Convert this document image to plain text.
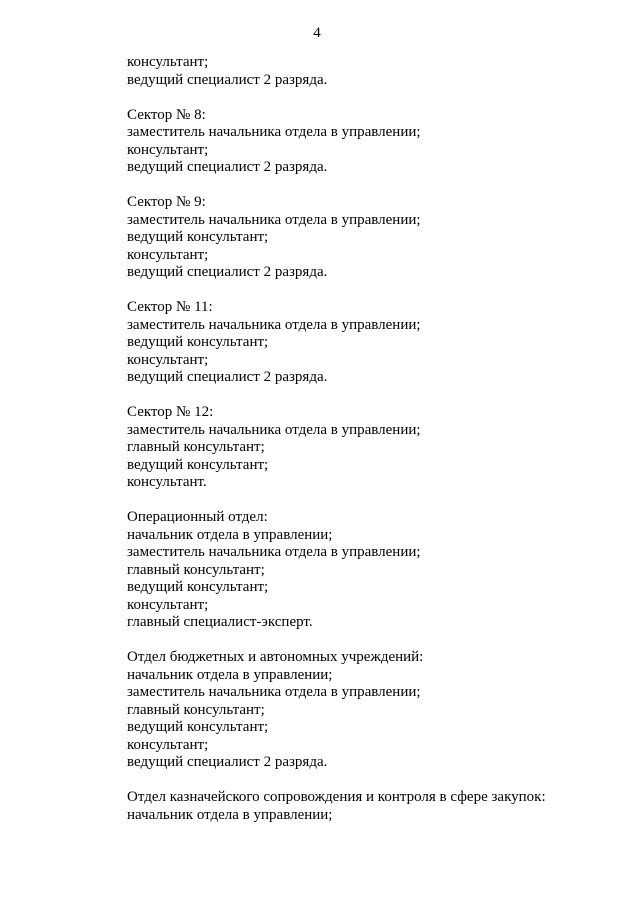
4
консультант;
ведущий специалист 2 разряда.
Сектор № 8:
заместитель начальника отдела в управлении;
консультант;
ведущий специалист 2 разряда.
Сектор № 9:
заместитель начальника отдела в управлении;
ведущий консультант;
консультант;
ведущий специалист 2 разряда.
Сектор № 11:
заместитель начальника отдела в управлении;
ведущий консультант;
консультант;
ведущий специалист 2 разряда.
Сектор № 12:
заместитель начальника отдела в управлении;
главный консультант;
ведущий консультант;
консультант.
Операционный отдел:
начальник отдела в управлении;
заместитель начальника отдела в управлении;
главный консультант;
ведущий консультант;
консультант;
главный специалист-эксперт.
Отдел бюджетных и автономных учреждений:
начальник отдела в управлении;
заместитель начальника отдела в управлении;
главный консультант;
ведущий консультант;
консультант;
ведущий специалист 2 разряда.
Отдел казначейского сопровождения и контроля в сфере закупок:
начальник отдела в управлении;
